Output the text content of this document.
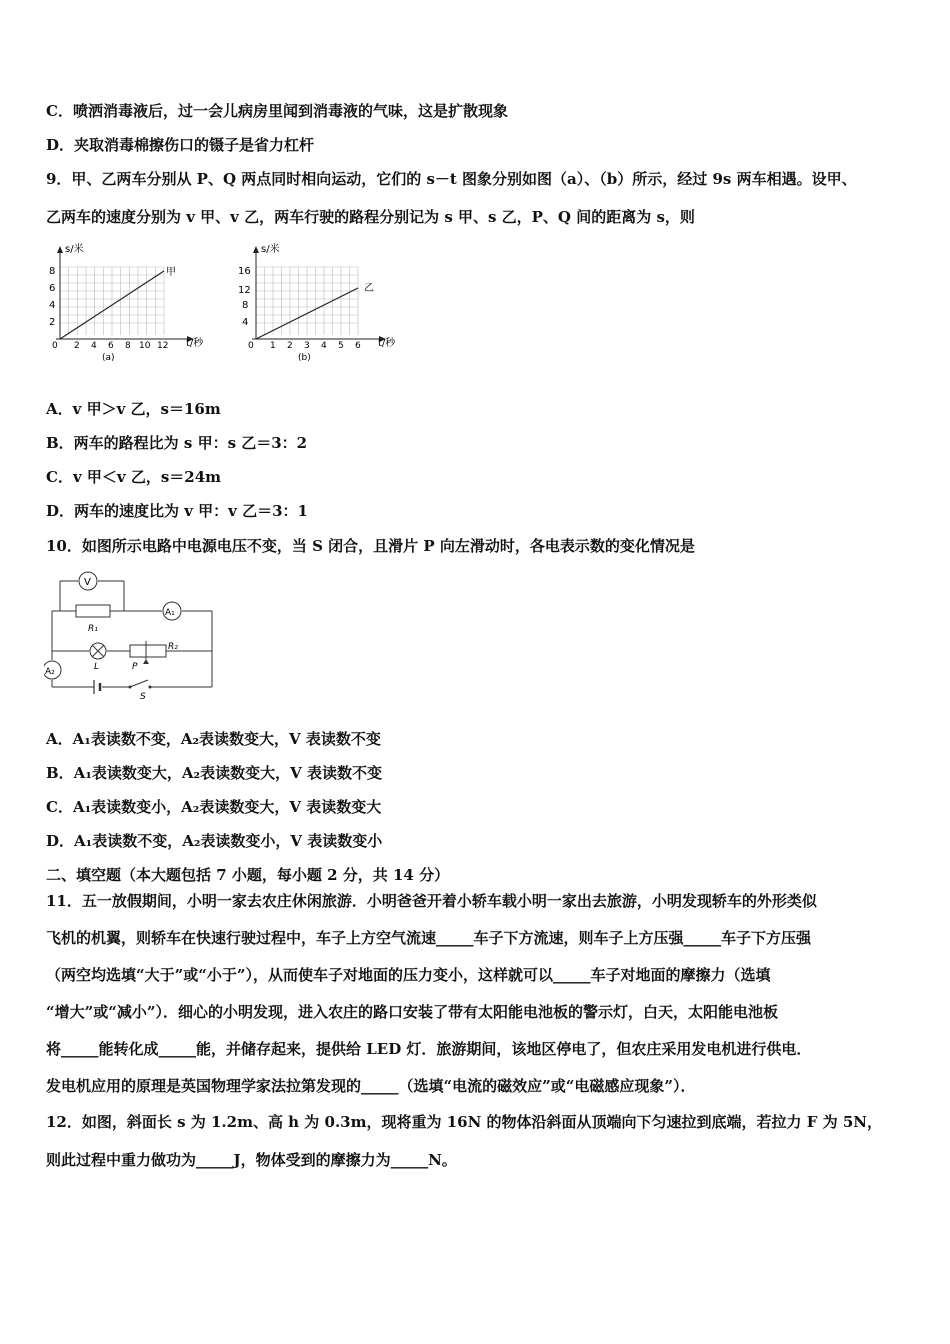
C．喷洒消毒液后，过一会儿病房里闻到消毒液的气味，这是扩散现象
D．夹取消毒棉擦伤口的镊子是省力杠杆
9．甲、乙两车分别从 P、Q 两点同时相向运动，它们的 s－t 图象分别如图（a）、（b）所示，经过 9s 两车相遇。设甲、
乙两车的速度分别为 v 甲、v 乙，两车行驶的路程分别记为 s 甲、s 乙，P、Q 间的距离为 s，则
s/米
t/秒
甲
8
6
4
2
0 2 4 6 8 10 12
(a)
s/米
t/秒
乙
16
12
8
4
0 1 2 3 4 5 6
(b)
A．v 甲＞v 乙，s＝16m
B．两车的路程比为 s 甲：s 乙＝3：2
C．v 甲＜v 乙，s＝24m
D．两车的速度比为 v 甲：v 乙＝3：1
10．如图所示电路中电源电压不变，当 S 闭合，且滑片 P 向左滑动时，各电表示数的变化情况是
V
A₁
A₂
R₁
R₂
L	P
S
A．A₁表读数不变，A₂表读数变大，V 表读数不变
B．A₁表读数变大，A₂表读数变大，V 表读数不变
C．A₁表读数变小，A₂表读数变大，V 表读数变大
D．A₁表读数不变，A₂表读数变小，V 表读数变小
二、填空题（本大题包括 7 小题，每小题 2 分，共 14 分）
11．五一放假期间，小明一家去农庄休闲旅游．小明爸爸开着小轿车载小明一家出去旅游，小明发现轿车的外形类似
飞机的机翼，则轿车在快速行驶过程中，车子上方空气流速_____车子下方流速，则车子上方压强_____车子下方压强
（两空均选填“大于”或“小于”），从而使车子对地面的压力变小，这样就可以_____车子对地面的摩擦力（选填
“增大”或“减小”）．细心的小明发现，进入农庄的路口安装了带有太阳能电池板的警示灯，白天，太阳能电池板
将_____能转化成_____能，并储存起来，提供给 LED 灯．旅游期间，该地区停电了，但农庄采用发电机进行供电．
发电机应用的原理是英国物理学家法拉第发现的_____（选填“电流的磁效应”或“电磁感应现象”）．
12．如图，斜面长 s 为 1.2m、高 h 为 0.3m，现将重为 16N 的物体沿斜面从顶端向下匀速拉到底端，若拉力 F 为 5N，
则此过程中重力做功为_____J，物体受到的摩擦力为_____N。
